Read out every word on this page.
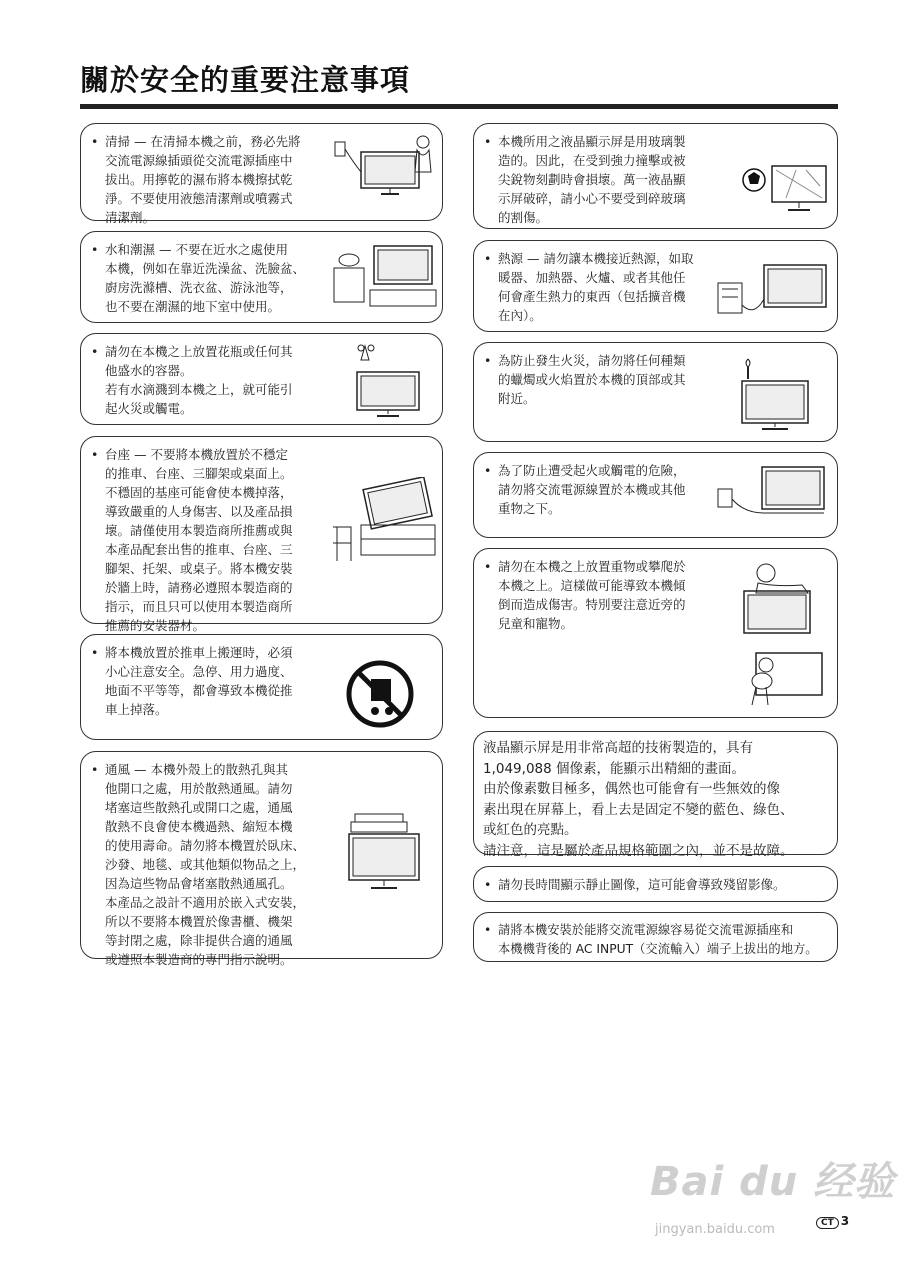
關於安全的重要注意事項
• 清掃 — 在清掃本機之前，務必先將
交流電源線插頭從交流電源插座中
拔出。用擰乾的濕布將本機擦拭乾
淨。不要使用液態清潔劑或噴霧式
清潔劑。
• 水和潮濕 — 不要在近水之處使用
本機，例如在靠近洗澡盆、洗臉盆、
廚房洗滌槽、洗衣盆、游泳池等，
也不要在潮濕的地下室中使用。
• 請勿在本機之上放置花瓶或任何其
他盛水的容器。
若有水滴濺到本機之上，就可能引
起火災或觸電。
• 台座 — 不要將本機放置於不穩定
的推車、台座、三腳架或桌面上。
不穩固的基座可能會使本機掉落，
導致嚴重的人身傷害、以及產品損
壞。請僅使用本製造商所推薦或與
本產品配套出售的推車、台座、三
腳架、托架、或桌子。將本機安裝
於牆上時，請務必遵照本製造商的
指示，而且只可以使用本製造商所
推薦的安裝器材。
• 將本機放置於推車上搬運時，必須
小心注意安全。急停、用力過度、
地面不平等等，都會導致本機從推
車上掉落。
• 通風 — 本機外殼上的散熱孔與其
他開口之處，用於散熱通風。請勿
堵塞這些散熱孔或開口之處，通風
散熱不良會使本機過熱、縮短本機
的使用壽命。請勿將本機置於臥床、
沙發、地毯、或其他類似物品之上，
因為這些物品會堵塞散熱通風孔。
本產品之設計不適用於嵌入式安裝，
所以不要將本機置於像書櫃、機架
等封閉之處，除非提供合適的通風
或遵照本製造商的專門指示說明。
• 本機所用之液晶顯示屏是用玻璃製
造的。因此，在受到強力撞擊或被
尖銳物刻劃時會損壞。萬一液晶顯
示屏破碎，請小心不要受到碎玻璃
的割傷。
• 熱源 — 請勿讓本機接近熱源，如取
暖器、加熱器、火爐、或者其他任
何會產生熱力的東西（包括擴音機
在內）。
• 為防止發生火災，請勿將任何種類
的蠟燭或火焰置於本機的頂部或其
附近。
• 為了防止遭受起火或觸電的危險，
請勿將交流電源線置於本機或其他
重物之下。
• 請勿在本機之上放置重物或攀爬於
本機之上。這樣做可能導致本機傾
倒而造成傷害。特別要注意近旁的
兒童和寵物。
液晶顯示屏是用非常高超的技術製造的，具有
1,049,088 個像素，能顯示出精細的畫面。
由於像素數目極多，偶然也可能會有一些無效的像
素出現在屏幕上，看上去是固定不變的藍色、綠色、
或紅色的亮點。
請注意，這是屬於產品規格範圍之內，並不是故障。
• 請勿長時間顯示靜止圖像，這可能會導致殘留影像。
• 請將本機安裝於能將交流電源線容易從交流電源插座和
本機機背後的 AC INPUT（交流輸入）端子上拔出的地方。
Bai du 经验
jingyan.baidu.com	CT 3
